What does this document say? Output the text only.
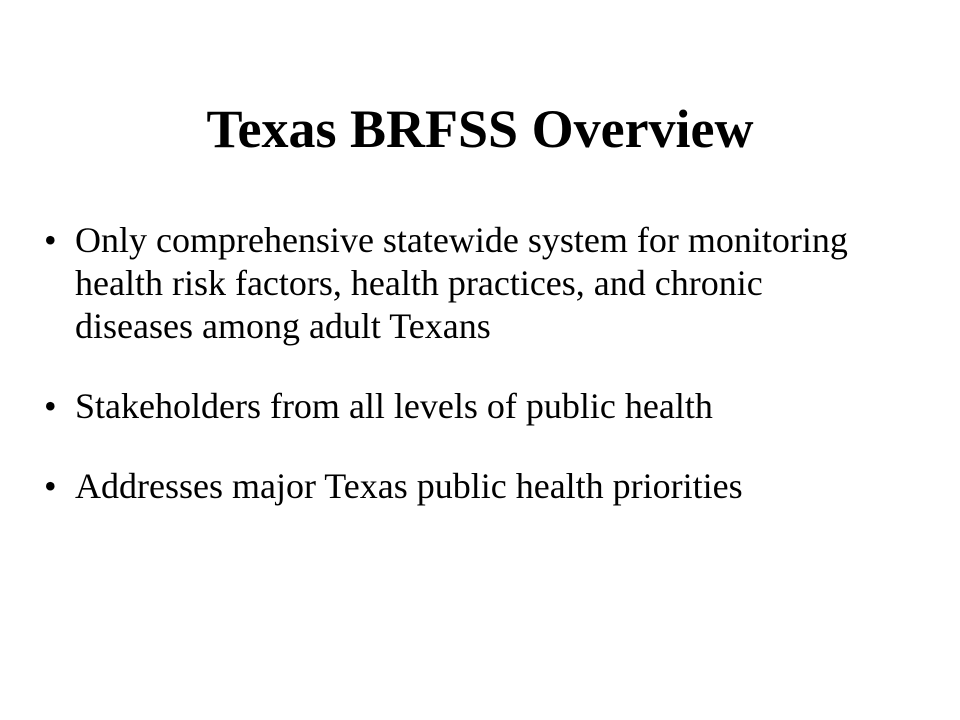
Texas BRFSS Overview
• Only comprehensive statewide system for monitoring health risk factors, health practices, and chronic diseases among adult Texans
• Stakeholders from all levels of public health
• Addresses major Texas public health priorities
